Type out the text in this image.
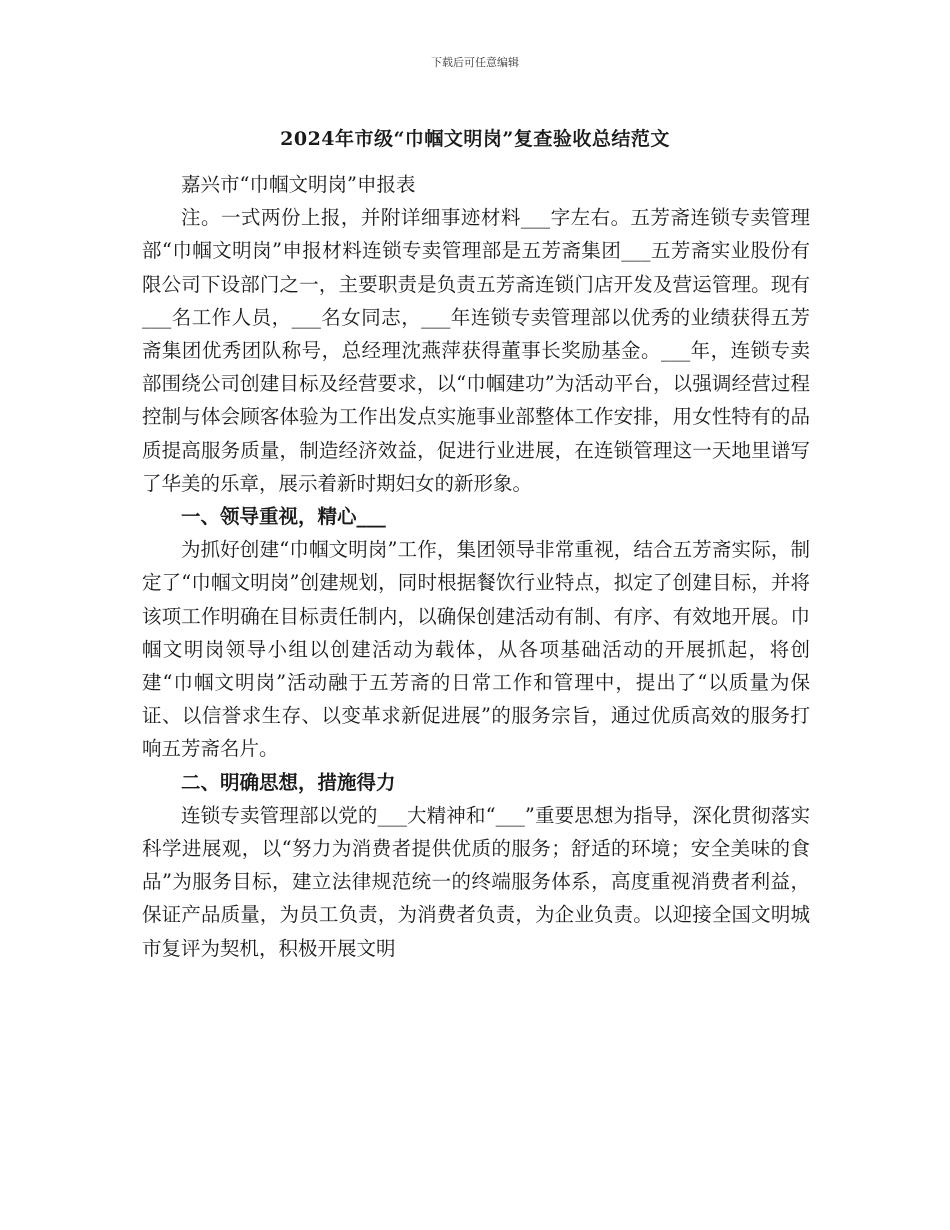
下载后可任意编辑
2024年市级“巾帼文明岗”复查验收总结范文

嘉兴市“巾帼文明岗”申报表

注。一式两份上报，并附详细事迹材料___字左右。五芳斋连锁专卖管理部“巾帼文明岗”申报材料连锁专卖管理部是五芳斋集团___五芳斋实业股份有限公司下设部门之一，主要职责是负责五芳斋连锁门店开发及营运管理。现有___名工作人员，___名女同志，___年连锁专卖管理部以优秀的业绩获得五芳斋集团优秀团队称号，总经理沈燕萍获得董事长奖励基金。___年，连锁专卖部围绕公司创建目标及经营要求，以“巾帼建功”为活动平台，以强调经营过程控制与体会顾客体验为工作出发点实施事业部整体工作安排，用女性特有的品质提高服务质量，制造经济效益，促进行业进展，在连锁管理这一天地里谱写了华美的乐章，展示着新时期妇女的新形象。

一、领导重视，精心___

为抓好创建“巾帼文明岗”工作，集团领导非常重视，结合五芳斋实际，制定了“巾帼文明岗”创建规划，同时根据餐饮行业特点，拟定了创建目标，并将该项工作明确在目标责任制内，以确保创建活动有制、有序、有效地开展。巾帼文明岗领导小组以创建活动为载体，从各项基础活动的开展抓起，将创建“巾帼文明岗”活动融于五芳斋的日常工作和管理中，提出了“以质量为保证、以信誉求生存、以变革求新促进展”的服务宗旨，通过优质高效的服务打响五芳斋名片。

二、明确思想，措施得力

连锁专卖管理部以党的___大精神和“___”重要思想为指导，深化贯彻落实科学进展观，以“努力为消费者提供优质的服务；舒适的环境；安全美味的食品”为服务目标，建立法律规范统一的终端服务体系，高度重视消费者利益，保证产品质量，为员工负责，为消费者负责，为企业负责。以迎接全国文明城市复评为契机，积极开展文明
